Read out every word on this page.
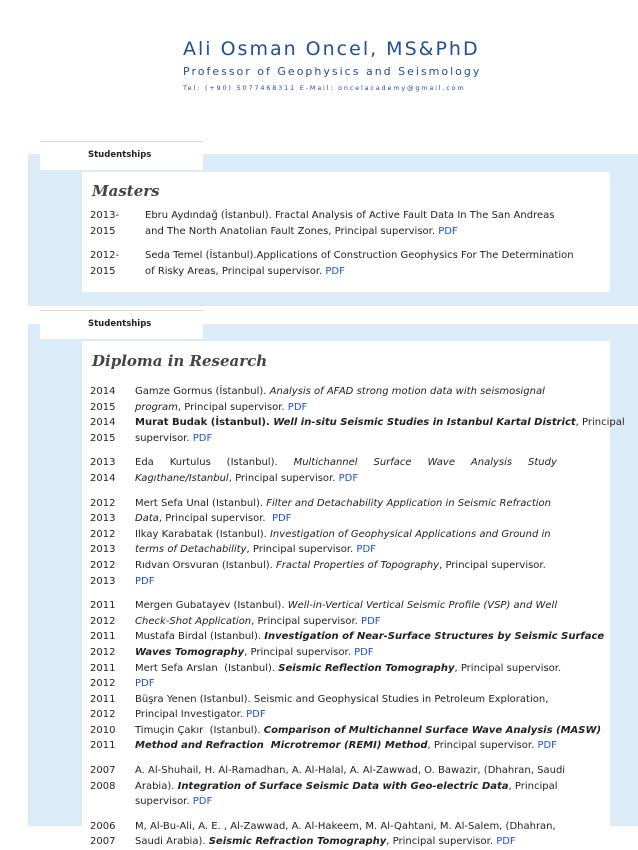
Ali Osman Oncel, MS&PhD
Professor of Geophysics and Seismology
Tel: (+90) 5077468311 E-Mail: oncelacademy@gmail.com
Studentships
Masters
2013-	Ebru Aydındağ (İstanbul). Fractal Analysis of Active Fault Data In The San Andreas
2015	and The North Anatolian Fault Zones, Principal supervisor. PDF
2012-	Seda Temel (İstanbul).Applications of Construction Geophysics For The Determination
2015	of Risky Areas, Principal supervisor. PDF
Studentships
Diploma in Research
2014	Gamze Gormus (İstanbul). Analysis of AFAD strong motion data with seismosignal
2015	program, Principal supervisor. PDF
2014	Murat Budak (İstanbul). Well in-situ Seismic Studies in Istanbul Kartal District, Principal
2015	supervisor. PDF
2013	Eda     Kurtulus     (Istanbul).     Multichannel     Surface     Wave     Analysis     Study
2014	Kagıthane/Istanbul, Principal supervisor. PDF
2012	Mert Sefa Unal (Istanbul). Filter and Detachability Application in Seismic Refraction
2013	Data, Principal supervisor.  PDF
2012	Ilkay Karabatak (Istanbul). Investigation of Geophysical Applications and Ground in
2013	terms of Detachability, Principal supervisor. PDF
2012	Rıdvan Orsvuran (Istanbul). Fractal Properties of Topography, Principal supervisor.
2013	PDF
2011	Mergen Gubatayev (Istanbul). Well-in-Vertical Vertical Seismic Profile (VSP) and Well
2012	Check-Shot Application, Principal supervisor. PDF
2011	Mustafa Birdal (Istanbul). Investigation of Near-Surface Structures by Seismic Surface
2012	Waves Tomography, Principal supervisor. PDF
2011	Mert Sefa Arslan  (Istanbul). Seismic Reflection Tomography, Principal supervisor.
2012	PDF
2011	Büşra Yenen (Istanbul). Seismic and Geophysical Studies in Petroleum Exploration,
2012	Principal Investigator. PDF
2010	Timuçin Çakır  (Istanbul). Comparison of Multichannel Surface Wave Analysis (MASW)
2011	Method and Refraction  Microtremor (REMI) Method, Principal supervisor. PDF
2007	A. Al-Shuhail, H. Al-Ramadhan, A. Al-Halal, A. Al-Zawwad, O. Bawazir, (Dhahran, Saudi
2008	Arabia). Integration of Surface Seismic Data with Geo-electric Data, Principal
supervisor. PDF
2006	M, Al-Bu-Ali, A. E. , Al-Zawwad, A. Al-Hakeem, M. Al-Qahtani, M. Al-Salem, (Dhahran,
2007	Saudi Arabia). Seismic Refraction Tomography, Principal supervisor. PDF
